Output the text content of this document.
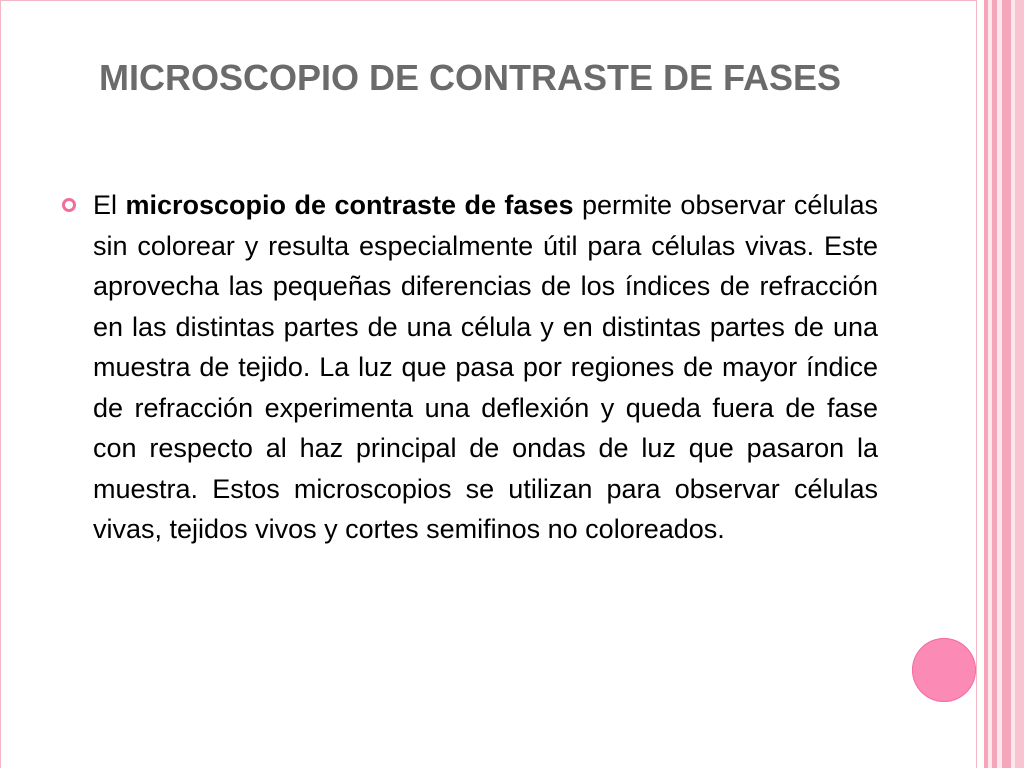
MICROSCOPIO DE CONTRASTE DE FASES
El microscopio de contraste de fases permite observar células sin colorear y resulta especialmente útil para células vivas. Este aprovecha las pequeñas diferencias de los índices de refracción en las distintas partes de una célula y en distintas partes de una muestra de tejido. La luz que pasa por regiones de mayor índice de refracción experimenta una deflexión y queda fuera de fase con respecto al haz principal de ondas de luz que pasaron la muestra. Estos microscopios se utilizan para observar células vivas, tejidos vivos y cortes semifinos no coloreados.
